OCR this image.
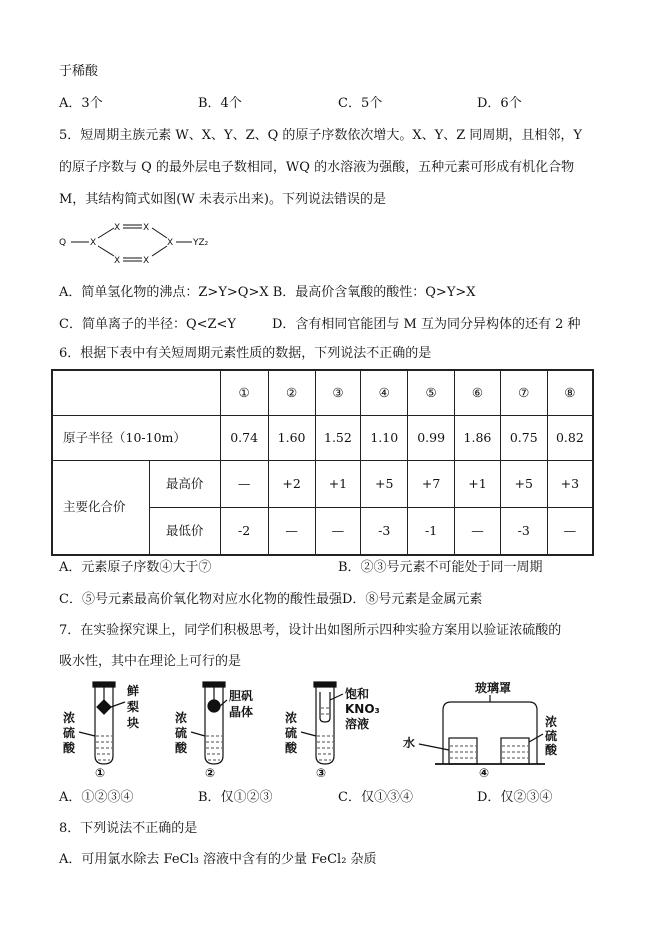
于稀酸
A．3个	B．4个	C．5个	D．6个
5．短周期主族元素 W、X、Y、Z、Q 的原子序数依次增大。X、Y、Z 同周期，且相邻，Y
的原子序数与 Q 的最外层电子数相同，WQ 的水溶液为强酸，五种元素可形成有机化合物
M，其结构简式如图(W 未表示出来)。下列说法错误的是
Q	X
X	X
X	X
X YZ₂
A．简单氢化物的沸点：Z>Y>Q>X B．最高价含氧酸的酸性：Q>Y>X
C．简单离子的半径：Q<Z<Y	D．含有相同官能团与 M 互为同分异构体的还有 2 种
6．根据下表中有关短周期元素性质的数据，下列说法不正确的是
		①	②	③	④	⑤	⑥	⑦	⑧
原子半径（10-10m）		0.74	1.60	1.52	1.10	0.99	1.86	0.75	0.82
主要化合价	最高价	—	+2	+1	+5	+7	+1	+5	+3
	最低价	-2	—	—	-3	-1	—	-3	—
A．元素原子序数④大于⑦	B．②③号元素不可能处于同一周期
C．⑤号元素最高价氧化物对应水化物的酸性最强D．⑧号元素是金属元素
7．在实验探究课上，同学们积极思考，设计出如图所示四种实验方案用以验证浓硫酸的
吸水性，其中在理论上可行的是
浓
硫
酸
鲜
梨
块	浓
硫
酸
胆矾
晶体	浓
硫
酸
饱和
KNO₃
溶液
玻璃罩
浓
硫
酸
水
①	②	③	④
A．①②③④	B．仅①②③	C．仅①③④	D．仅②③④
8．下列说法不正确的是
A．可用氯水除去 FeCl₃ 溶液中含有的少量 FeCl₂ 杂质
